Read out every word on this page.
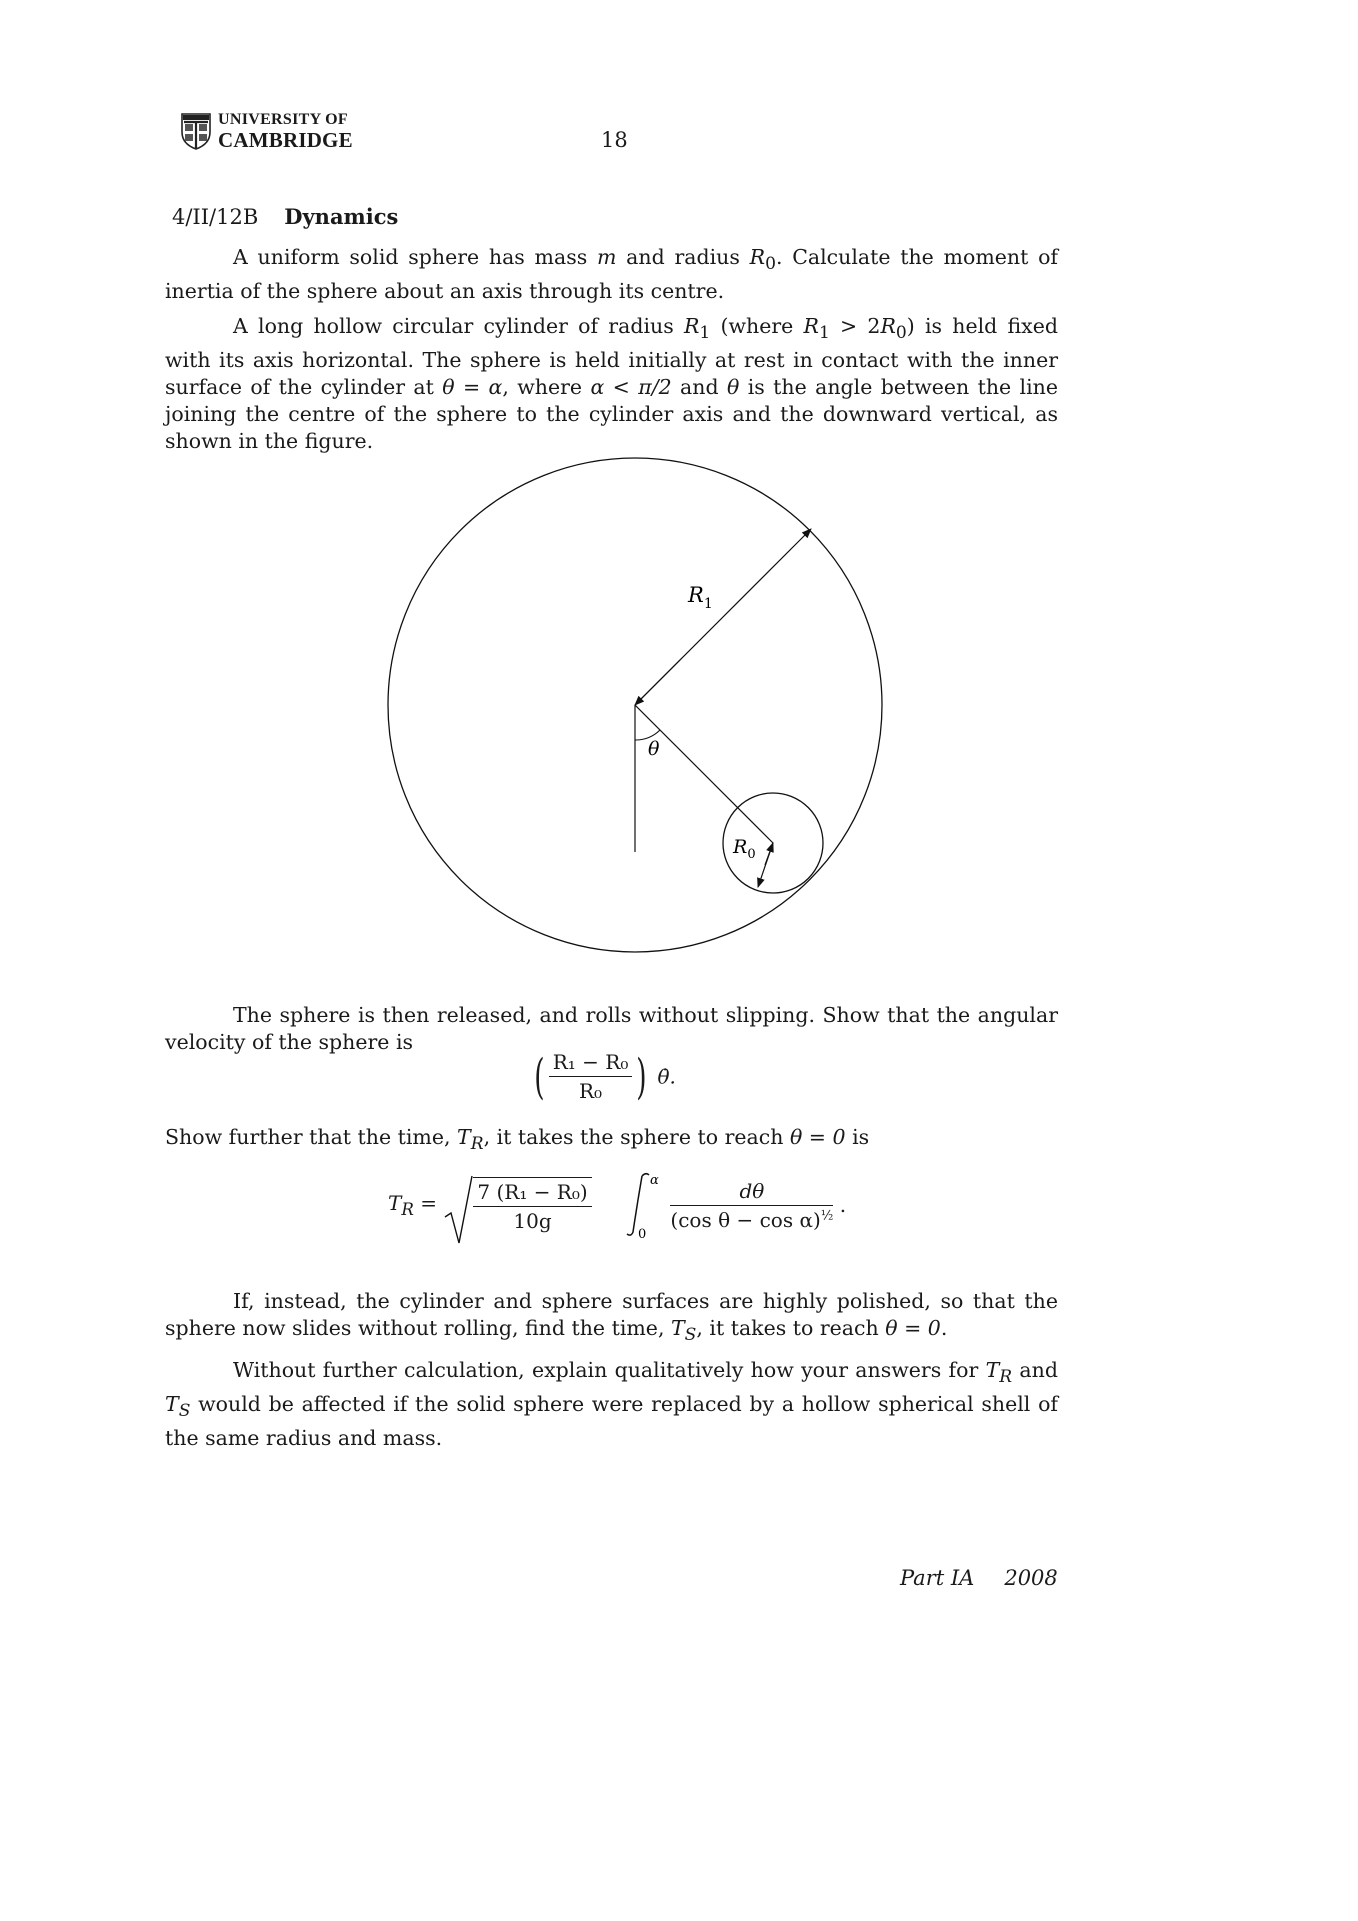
UNIVERSITY OF
CAMBRIDGE	18
4/II/12B Dynamics

A uniform solid sphere has mass m and radius $R_0$. Calculate the moment of inertia of the sphere about an axis through its centre.

A long hollow circular cylinder of radius $R_1$ (where $R_1 > 2R_0$) is held fixed with its axis horizontal. The sphere is held initially at rest in contact with the inner surface of the cylinder at θ = α, where α < π/2 and θ is the angle between the line joining the centre of the sphere to the cylinder axis and the downward vertical, as shown in the figure.

$R_1$
θ
$R_0$

The sphere is then released, and rolls without slipping. Show that the angular velocity of the sphere is

( $\frac{\text{R₁ − R₀}}{\text{R₀}}$ ) θ̇.

Show further that the time, $T_R$, it takes the sphere to reach θ = 0 is

$T_R = \frac{\text{7 (R₁ − R₀)}}{10g}$
	α
0

$\frac{d\theta}{(\cos \theta - \cos \alpha)^{\frac{1}{2}}}$ .

If, instead, the cylinder and sphere surfaces are highly polished, so that the sphere now slides without rolling, find the time, $T_S$, it takes to reach θ = 0.

Without further calculation, explain qualitatively how your answers for $T_R$ and $T_S$ would be affected if the solid sphere were replaced by a hollow spherical shell of the same radius and mass.

Part IA 2008
